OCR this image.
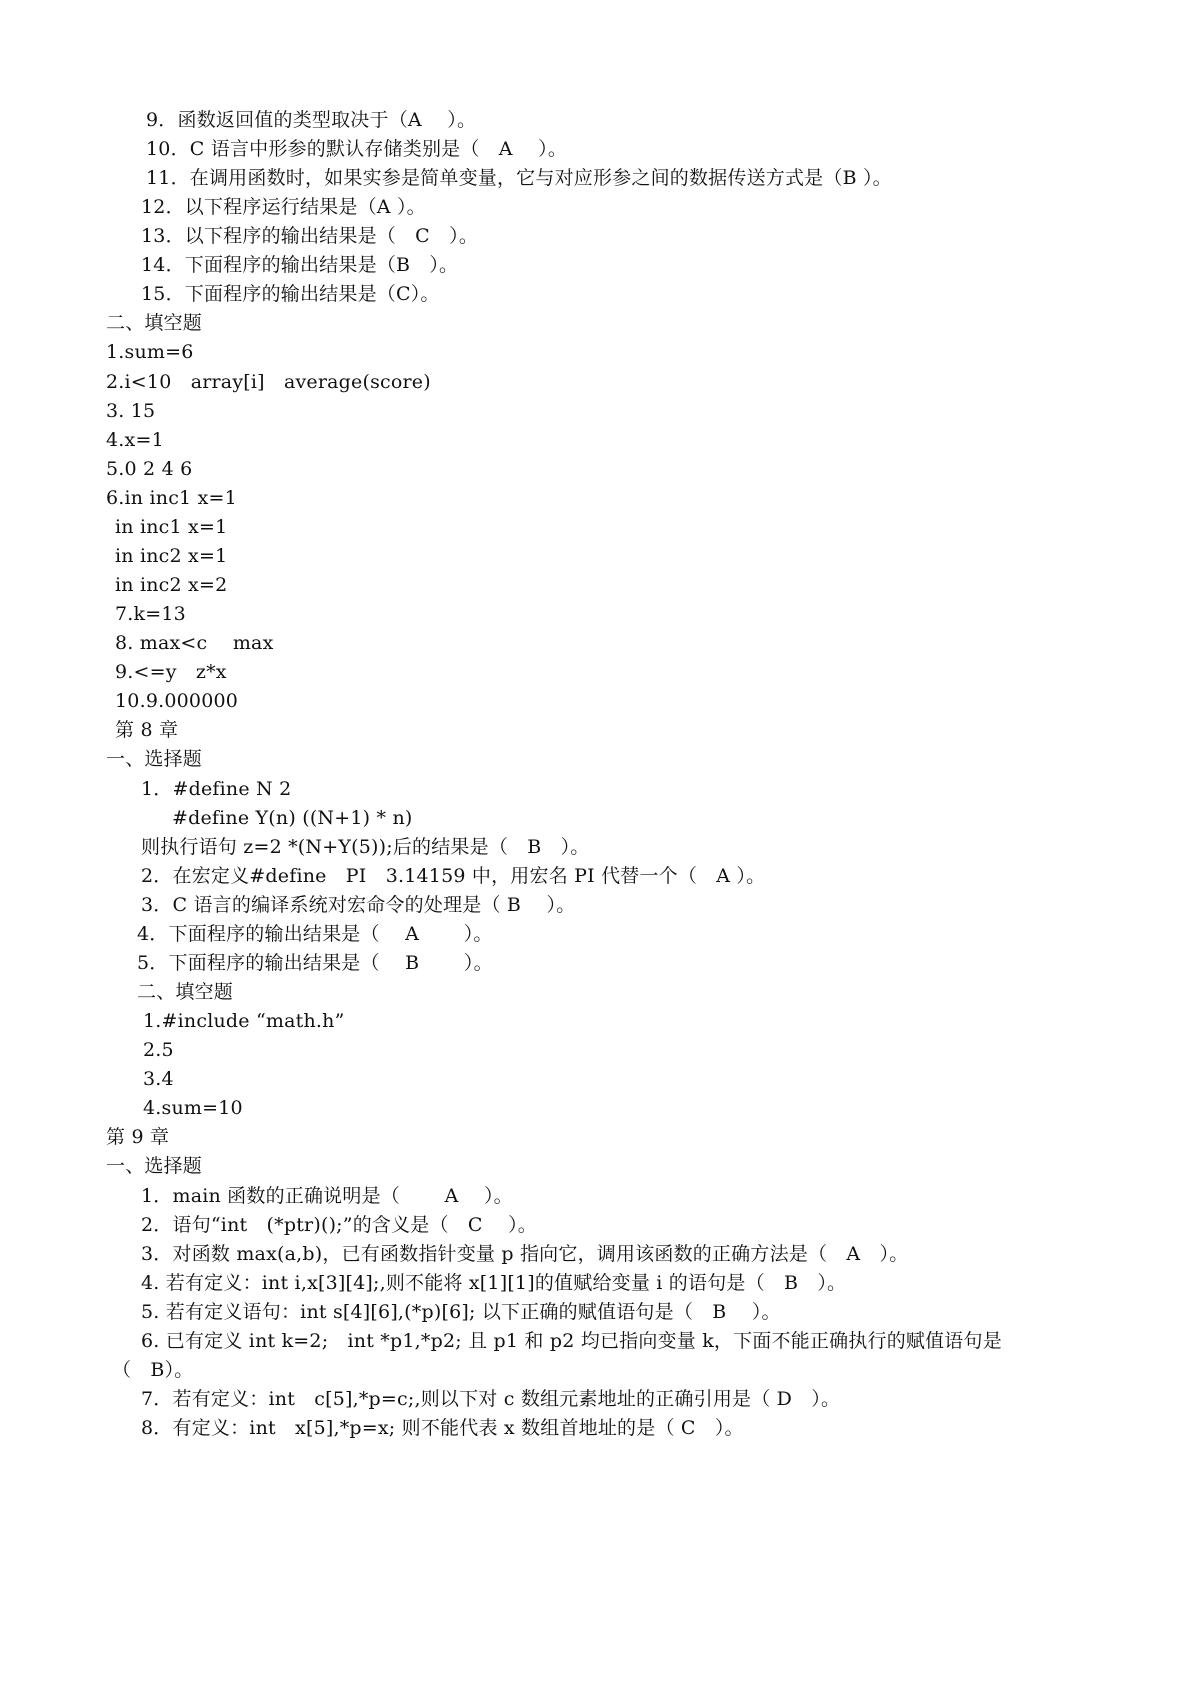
9．函数返回值的类型取决于（A　 ）。
10．C 语言中形参的默认存储类别是（　A　 ）。
11．在调用函数时，如果实参是简单变量，它与对应形参之间的数据传送方式是（B ）。
12．以下程序运行结果是（A ）。
13．以下程序的输出结果是（　C　）。
14．下面程序的输出结果是（B　）。
15．下面程序的输出结果是（C）。
二、填空题
1.sum=6
2.i<10　array[i]　average(score)
3. 15
4.x=1
5.0 2 4 6
6.in inc1 x=1
in inc1 x=1
in inc2 x=1
in inc2 x=2
7.k=13
8. max<c　 max
9.<=y　z*x
10.9.000000
第 8 章
一、选择题
1．#define N 2
#define Y(n) ((N+1) * n)
则执行语句 z=2 *(N+Y(5));后的结果是（　B　）。
2．在宏定义#define　PI　3.14159 中，用宏名 PI 代替一个（　A ）。
3．C 语言的编译系统对宏命令的处理是（ B　 ）。
4．下面程序的输出结果是（　 A　　 ）。
5．下面程序的输出结果是（　 B　　 ）。
二、填空题
1.#include “math.h”
2.5
3.4
4.sum=10
第 9 章
一、选择题
1．main 函数的正确说明是（　　 A　 ）。
2．语句“int　(*ptr)();”的含义是（　C　 ）。
3．对函数 max(a,b)，已有函数指针变量 p 指向它，调用该函数的正确方法是（　A　）。
4. 若有定义：int i,x[3][4];,则不能将 x[1][1]的值赋给变量 i 的语句是（　B　）。
5. 若有定义语句：int s[4][6],(*p)[6]; 以下正确的赋值语句是（　B　 ）。
6. 已有定义 int k=2;　int *p1,*p2; 且 p1 和 p2 均已指向变量 k，下面不能正确执行的赋值语句是
（　B）。
7．若有定义：int　c[5],*p=c;,则以下对 c 数组元素地址的正确引用是（ D　）。
8．有定义：int　x[5],*p=x; 则不能代表 x 数组首地址的是（ C　）。
